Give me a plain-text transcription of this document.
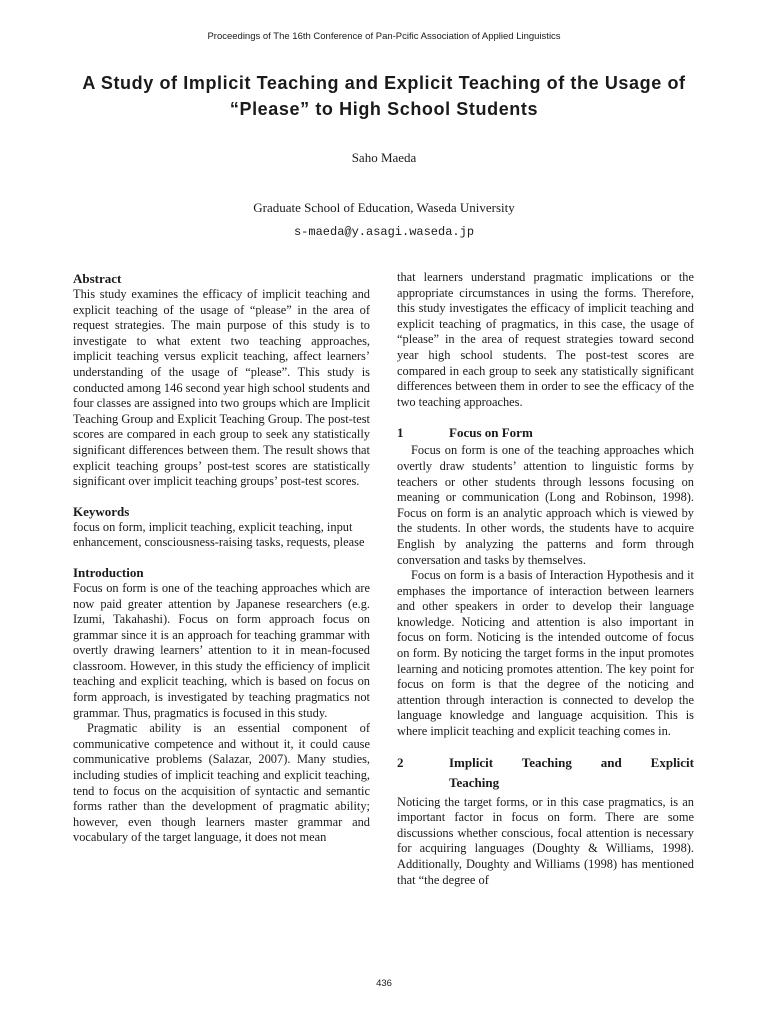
Proceedings of The 16th Conference of Pan-Pcific Association of Applied Linguistics
A Study of Implicit Teaching and Explicit Teaching of the Usage of “Please” to High School Students
Saho Maeda
Graduate School of Education, Waseda University
s-maeda@y.asagi.waseda.jp
Abstract

This study examines the efficacy of implicit teaching and explicit teaching of the usage of “please” in the area of request strategies. The main purpose of this study is to investigate to what extent two teaching approaches, implicit teaching versus explicit teaching, affect learners’ understanding of the usage of “please”. This study is conducted among 146 second year high school students and four classes are assigned into two groups which are Implicit Teaching Group and Explicit Teaching Group. The post-test scores are compared in each group to seek any statistically significant differences between them. The result shows that explicit teaching groups’ post-test scores are statistically significant over implicit teaching groups’ post-test scores.

Keywords

focus on form, implicit teaching, explicit teaching, input enhancement, consciousness-raising tasks, requests, please

Introduction

Focus on form is one of the teaching approaches which are now paid greater attention by Japanese researchers (e.g. Izumi, Takahashi). Focus on form approach focus on grammar since it is an approach for teaching grammar with overtly drawing learners’ attention to it in mean-focused classroom. However, in this study the efficiency of implicit teaching and explicit teaching, which is based on focus on form approach, is investigated by teaching pragmatics not grammar. Thus, pragmatics is focused in this study.

Pragmatic ability is an essential component of communicative competence and without it, it could cause communicative problems (Salazar, 2007). Many studies, including studies of implicit teaching and explicit teaching, tend to focus on the acquisition of syntactic and semantic forms rather than the development of pragmatic ability; however, even though learners master grammar and vocabulary of the target language, it does not mean

that learners understand pragmatic implications or the appropriate circumstances in using the forms. Therefore, this study investigates the efficacy of implicit teaching and explicit teaching of pragmatics, in this case, the usage of “please” in the area of request strategies toward second year high school students. The post-test scores are compared in each group to seek any statistically significant differences between them in order to see the efficacy of the two teaching approaches.

1	Focus on Form

Focus on form is one of the teaching approaches which overtly draw students’ attention to linguistic forms by teachers or other students through lessons focusing on meaning or communication (Long and Robinson, 1998). Focus on form is an analytic approach which is viewed by the students. In other words, the students have to acquire English by analyzing the patterns and form through conversation and tasks by themselves.

Focus on form is a basis of Interaction Hypothesis and it emphases the importance of interaction between learners and other speakers in order to develop their language knowledge. Noticing and attention is also important in focus on form. Noticing is the intended outcome of focus on form. By noticing the target forms in the input promotes learning and noticing promotes attention. The key point for focus on form is that the degree of the noticing and attention through interaction is connected to develop the language knowledge and language acquisition. This is where implicit teaching and explicit teaching comes in.

2	Implicit Teaching and Explicit
Teaching

Noticing the target forms, or in this case pragmatics, is an important factor in focus on form. There are some discussions whether conscious, focal attention is necessary for acquiring languages (Doughty & Williams, 1998). Additionally, Doughty and Williams (1998) has mentioned that “the degree of

436
